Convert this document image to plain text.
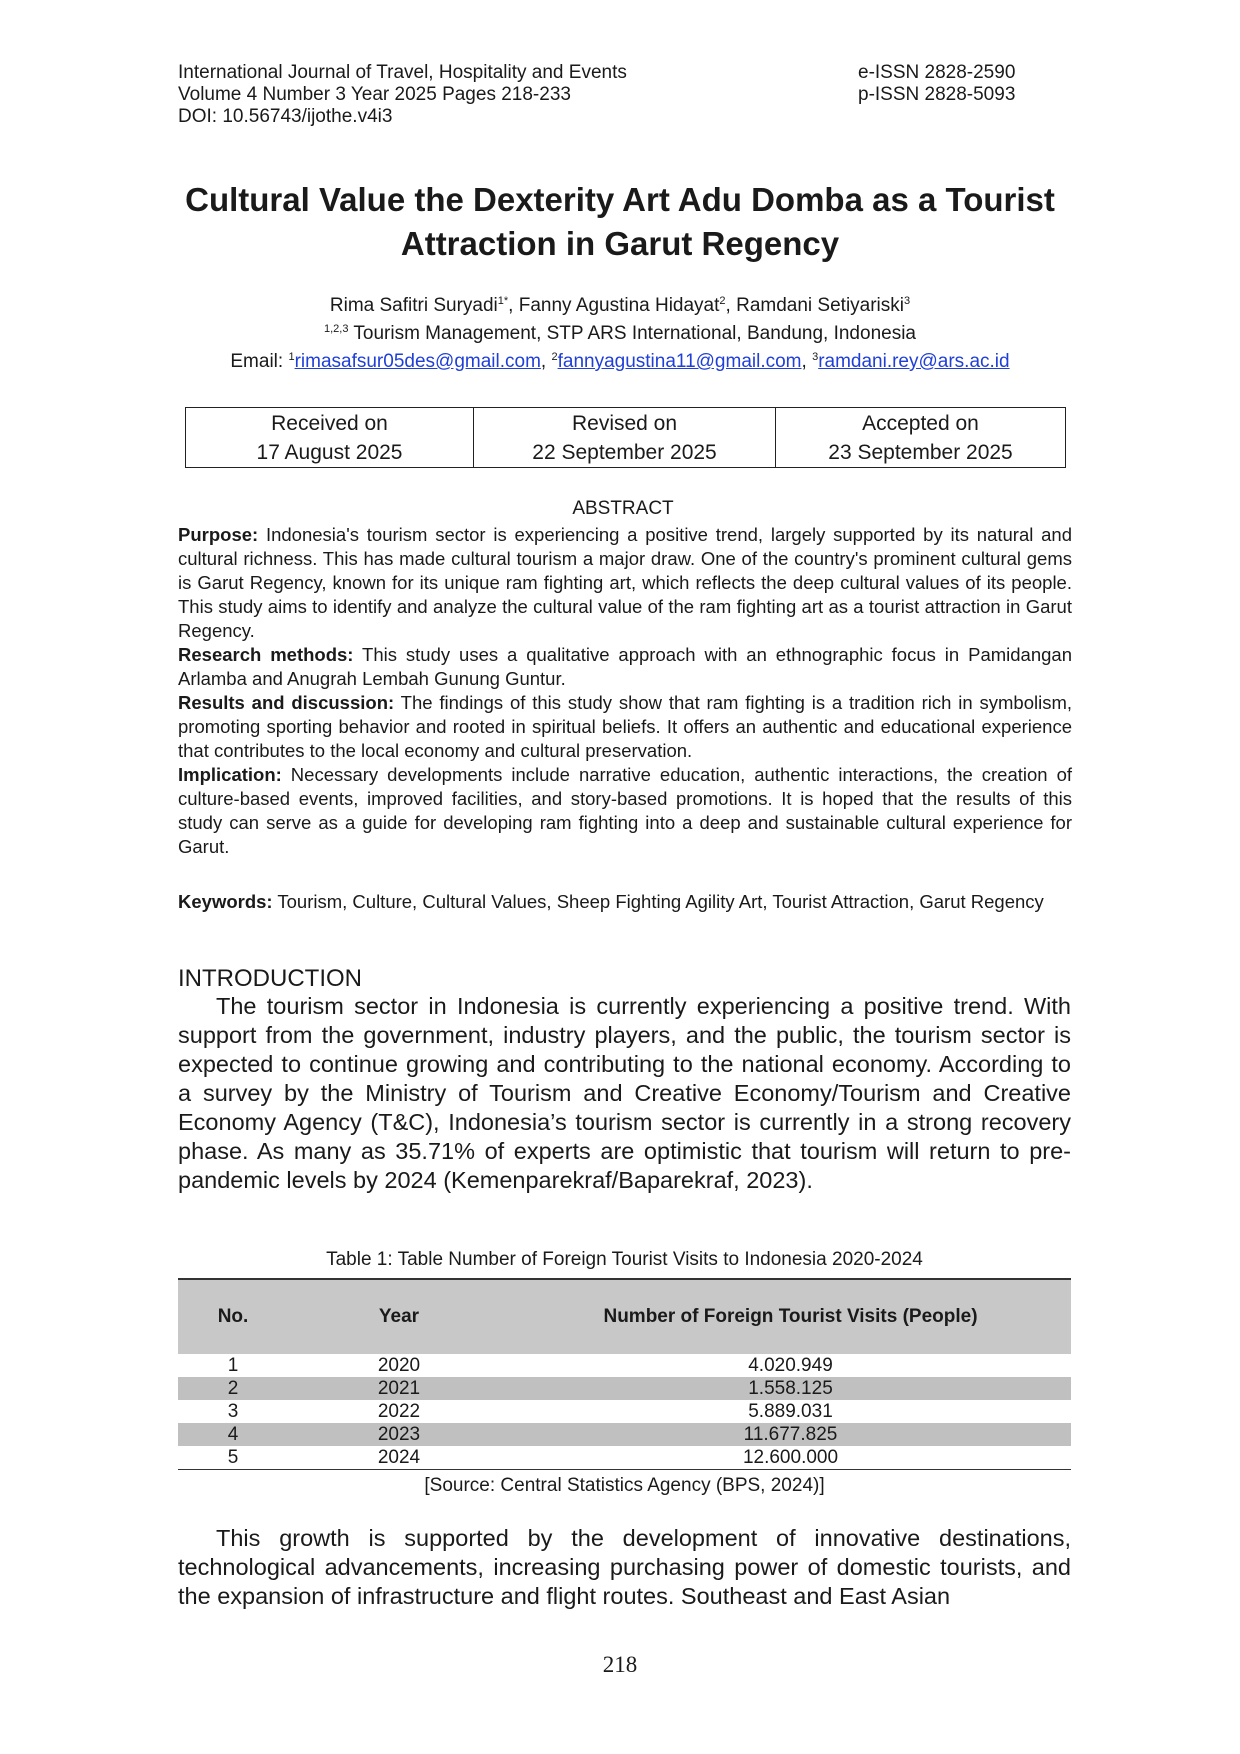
International Journal of Travel, Hospitality and Events
Volume 4 Number 3 Year 2025 Pages 218-233
DOI: 10.56743/ijothe.v4i3
e-ISSN 2828-2590
p-ISSN 2828-5093
Cultural Value the Dexterity Art Adu Domba as a Tourist Attraction in Garut Regency
Rima Safitri Suryadi$^{1*}$, Fanny Agustina Hidayat$^2$, Ramdani Setiyariski$^3$
$^{1,2,3}$ Tourism Management, STP ARS International, Bandung, Indonesia
Email: $^1$rimasafsur05des@gmail.com, $^2$fannyagustina11@gmail.com, $^3$ramdani.rey@ars.ac.id
Received on
17 August 2025

Revised on
22 September 2025

Accepted on
23 September 2025
ABSTRACT

Purpose: Indonesia's tourism sector is experiencing a positive trend, largely supported by its natural and cultural richness. This has made cultural tourism a major draw. One of the country's prominent cultural gems is Garut Regency, known for its unique ram fighting art, which reflects the deep cultural values of its people. This study aims to identify and analyze the cultural value of the ram fighting art as a tourist attraction in Garut Regency.

Research methods: This study uses a qualitative approach with an ethnographic focus in Pamidangan Arlamba and Anugrah Lembah Gunung Guntur.

Results and discussion: The findings of this study show that ram fighting is a tradition rich in symbolism, promoting sporting behavior and rooted in spiritual beliefs. It offers an authentic and educational experience that contributes to the local economy and cultural preservation.

Implication: Necessary developments include narrative education, authentic interactions, the creation of culture-based events, improved facilities, and story-based promotions. It is hoped that the results of this study can serve as a guide for developing ram fighting into a deep and sustainable cultural experience for Garut.

Keywords: Tourism, Culture, Cultural Values, Sheep Fighting Agility Art, Tourist Attraction, Garut Regency
INTRODUCTION

The tourism sector in Indonesia is currently experiencing a positive trend. With support from the government, industry players, and the public, the tourism sector is expected to continue growing and contributing to the national economy. According to a survey by the Ministry of Tourism and Creative Economy/Tourism and Creative Economy Agency (T&C), Indonesia’s tourism sector is currently in a strong recovery phase. As many as 35.71% of experts are optimistic that tourism will return to pre-pandemic levels by 2024 (Kemenparekraf/Baparekraf, 2023).

Table 1: Table Number of Foreign Tourist Visits to Indonesia 2020-2024
No.	Year	Number of Foreign Tourist Visits (People)
1	2020	4.020.949
2	2021	1.558.125
3	2022	5.889.031
4	2023	11.677.825
5	2024	12.600.000
[Source: Central Statistics Agency (BPS, 2024)]

This growth is supported by the development of innovative destinations, technological advancements, increasing purchasing power of domestic tourists, and the expansion of infrastructure and flight routes. Southeast and East Asian

218
